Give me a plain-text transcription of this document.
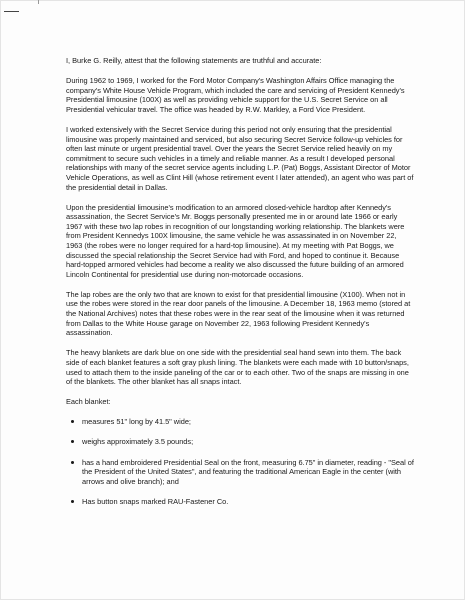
I, Burke G. Reilly, attest that the following statements are truthful and accurate:

During 1962 to 1969, I worked for the Ford Motor Company's Washington Affairs Office managing the company's White House Vehicle Program, which included the care and servicing of President Kennedy's Presidential limousine (100X) as well as providing vehicle support for the U.S. Secret Service on all Presidential vehicular travel. The office was headed by R.W. Markley, a Ford Vice President.

I worked extensively with the Secret Service during this period not only ensuring that the presidential limousine was properly maintained and serviced, but also securing Secret Service follow-up vehicles for often last minute or urgent presidential travel. Over the years the Secret Service relied heavily on my commitment to secure such vehicles in a timely and reliable manner. As a result I developed personal relationships with many of the secret service agents including L.P. (Pat) Boggs, Assistant Director of Motor Vehicle Operations, as well as Clint Hill (whose retirement event I later attended), an agent who was part of the presidential detail in Dallas.

Upon the presidential limousine's modification to an armored closed-vehicle hardtop after Kennedy's assassination, the Secret Service's Mr. Boggs personally presented me in or around late 1966 or early 1967 with these two lap robes in recognition of our longstanding working relationship. The blankets were from President Kennedys 100X limousine, the same vehicle he was assassinated in on November 22, 1963 (the robes were no longer required for a hard-top limousine). At my meeting with Pat Boggs, we discussed the special relationship the Secret Service had with Ford, and hoped to continue it. Because hard-topped armored vehicles had become a reality we also discussed the future building of an armored Lincoln Continental for presidential use during non-motorcade occasions.

The lap robes are the only two that are known to exist for that presidential limousine (X100). When not in use the robes were stored in the rear door panels of the limousine. A December 18, 1963 memo (stored at the National Archives) notes that these robes were in the rear seat of the limousine when it was returned from Dallas to the White House garage on November 22, 1963 following President Kennedy's assassination.

The heavy blankets are dark blue on one side with the presidential seal hand sewn into them. The back side of each blanket features a soft gray plush lining. The blankets were each made with 10 button/snaps, used to attach them to the inside paneling of the car or to each other. Two of the snaps are missing in one of the blankets. The other blanket has all snaps intact.

Each blanket:

measures 51" long by 41.5" wide;
weighs approximately 3.5 pounds;
has a hand embroidered Presidential Seal on the front, measuring 6.75" in diameter, reading - "Seal of the President of the United States", and featuring the traditional American Eagle in the center (with arrows and olive branch); and
Has button snaps marked RAU-Fastener Co.
